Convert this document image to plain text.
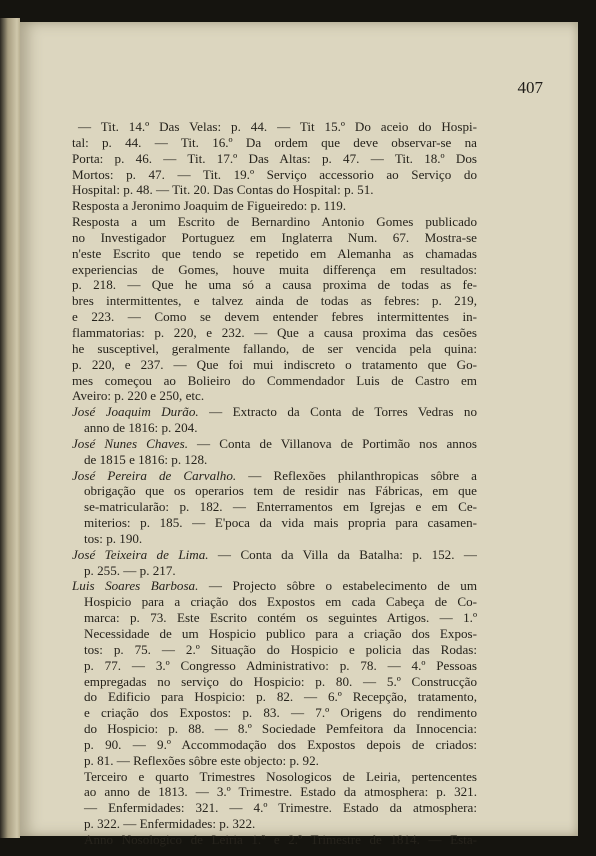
407
— Tit. 14.º Das Velas: p. 44. — Tit 15.º Do aceio do Hospi-
tal: p. 44. — Tit. 16.º Da ordem que deve observar-se na
Porta: p. 46. — Tit. 17.º Das Altas: p. 47. — Tit. 18.º Dos
Mortos: p. 47. — Tit. 19.º Serviço accessorio ao Serviço do
Hospital: p. 48. — Tit. 20. Das Contas do Hospital: p. 51.
Resposta a Jeronimo Joaquim de Figueiredo: p. 119.
Resposta a um Escrito de Bernardino Antonio Gomes publicado
no Investigador Portuguez em Inglaterra Num. 67. Mostra-se
n'este Escrito que tendo se repetido em Alemanha as chamadas
experiencias de Gomes, houve muita differença em resultados:
p. 218. — Que he uma só a causa proxima de todas as fe-
bres intermittentes, e talvez ainda de todas as febres: p. 219,
e 223. — Como se devem entender febres intermittentes in-
flammatorias: p. 220, e 232. — Que a causa proxima das cesões
he susceptivel, geralmente fallando, de ser vencida pela quina:
p. 220, e 237. — Que foi mui indiscreto o tratamento que Go-
mes começou ao Bolieiro do Commendador Luis de Castro em
Aveiro: p. 220 e 250, etc.
José Joaquim Durão. — Extracto da Conta de Torres Vedras no
anno de 1816: p. 204.
José Nunes Chaves. — Conta de Villanova de Portimão nos annos
de 1815 e 1816: p. 128.
José Pereira de Carvalho. — Reflexões philanthropicas sôbre a
obrigação que os operarios tem de residir nas Fábricas, em que
se-matricularão: p. 182. — Enterramentos em Igrejas e em Ce-
miterios: p. 185. — E'poca da vida mais propria para casamen-
tos: p. 190.
José Teixeira de Lima. — Conta da Villa da Batalha: p. 152. —
p. 255. — p. 217.
Luis Soares Barbosa. — Projecto sôbre o estabelecimento de um
Hospicio para a criação dos Expostos em cada Cabeça de Co-
marca: p. 73. Este Escrito contém os seguintes Artigos. — 1.º
Necessidade de um Hospicio publico para a criação dos Expos-
tos: p. 75. — 2.º Situação do Hospicio e policia das Rodas:
p. 77. — 3.º Congresso Administrativo: p. 78. — 4.º Pessoas
empregadas no serviço do Hospicio: p. 80. — 5.º Construcção
do Edificio para Hospicio: p. 82. — 6.º Recepção, tratamento,
e criação dos Expostos: p. 83. — 7.º Origens do rendimento
do Hospicio: p. 88. — 8.º Sociedade Pemfeitora da Innocencia:
p. 90. — 9.º Accommodação dos Expostos depois de criados:
p. 81. — Reflexões sôbre este objecto: p. 92.
Terceiro e quarto Trimestres Nosologicos de Leiria, pertencentes
ao anno de 1813. — 3.º Trimestre. Estado da atmosphera: p. 321.
— Enfermidades: 321. — 4.º Trimestre. Estado da atmosphera:
p. 322. — Enfermidades: p. 322.
Anno Nosologico de Leiria 1.º e 2.º Trimestre de 1814. — Esta-
